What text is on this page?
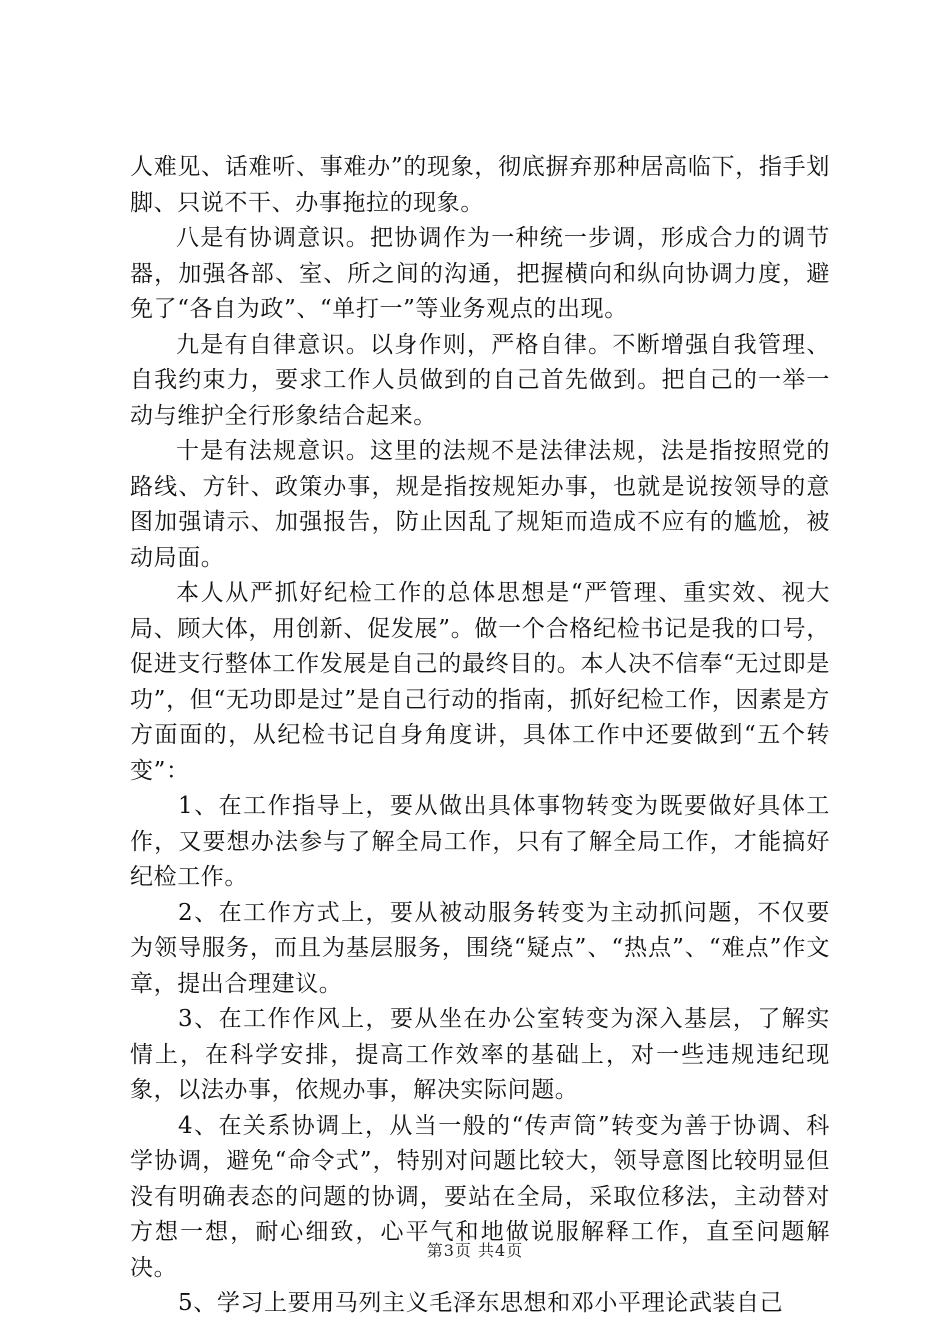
人难见、话难听、事难办”的现象，彻底摒弃那种居高临下，指手划脚、只说不干、办事拖拉的现象。

八是有协调意识。把协调作为一种统一步调，形成合力的调节器，加强各部、室、所之间的沟通，把握横向和纵向协调力度，避免了“各自为政”、“单打一”等业务观点的出现。

九是有自律意识。以身作则，严格自律。不断增强自我管理、自我约束力，要求工作人员做到的自己首先做到。把自己的一举一动与维护全行形象结合起来。

十是有法规意识。这里的法规不是法律法规，法是指按照党的路线、方针、政策办事，规是指按规矩办事，也就是说按领导的意图加强请示、加强报告，防止因乱了规矩而造成不应有的尴尬，被动局面。

本人从严抓好纪检工作的总体思想是“严管理、重实效、视大局、顾大体，用创新、促发展”。做一个合格纪检书记是我的口号，促进支行整体工作发展是自己的最终目的。本人决不信奉“无过即是功”，但“无功即是过”是自己行动的指南，抓好纪检工作，因素是方方面面的，从纪检书记自身角度讲，具体工作中还要做到“五个转变”：

1、在工作指导上，要从做出具体事物转变为既要做好具体工作，又要想办法参与了解全局工作，只有了解全局工作，才能搞好纪检工作。

2、在工作方式上，要从被动服务转变为主动抓问题，不仅要为领导服务，而且为基层服务，围绕“疑点”、“热点”、“难点”作文章，提出合理建议。

3、在工作作风上，要从坐在办公室转变为深入基层，了解实情上，在科学安排，提高工作效率的基础上，对一些违规违纪现象，以法办事，依规办事，解决实际问题。

4、在关系协调上，从当一般的“传声筒”转变为善于协调、科学协调，避免“命令式”，特别对问题比较大，领导意图比较明显但没有明确表态的问题的协调，要站在全局，采取位移法，主动替对方想一想，耐心细致，心平气和地做说服解释工作，直至问题解决。

5、学习上要用马列主义毛泽东思想和邓小平理论武装自己

第3页 共4页
